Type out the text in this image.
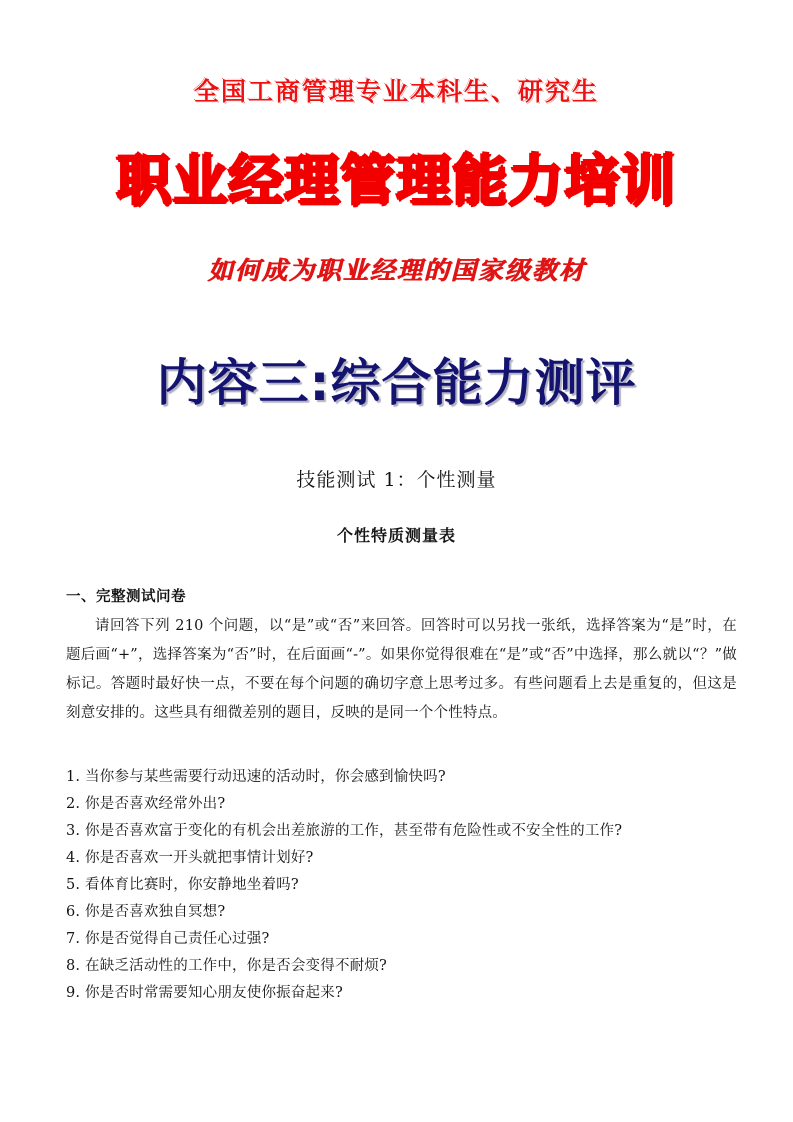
全国工商管理专业本科生、研究生
职业经理管理能力培训
如何成为职业经理的国家级教材
内容三:综合能力测评
技能测试 1：个性测量
个性特质测量表
一、完整测试问卷

请回答下列 210 个问题，以“是”或“否”来回答。回答时可以另找一张纸，选择答案为“是”时，在题后画“+”，选择答案为“否”时，在后面画“-”。如果你觉得很难在“是”或“否”中选择，那么就以“？”做标记。答题时最好快一点，不要在每个问题的确切字意上思考过多。有些问题看上去是重复的，但这是刻意安排的。这些具有细微差别的题目，反映的是同一个个性特点。

1. 当你参与某些需要行动迅速的活动时，你会感到愉快吗?
2. 你是否喜欢经常外出?
3. 你是否喜欢富于变化的有机会出差旅游的工作，甚至带有危险性或不安全性的工作?
4. 你是否喜欢一开头就把事情计划好?
5. 看体育比赛时，你安静地坐着吗?
6. 你是否喜欢独自冥想?
7. 你是否觉得自己责任心过强?
8. 在缺乏活动性的工作中，你是否会变得不耐烦?
9. 你是否时常需要知心朋友使你振奋起来?
